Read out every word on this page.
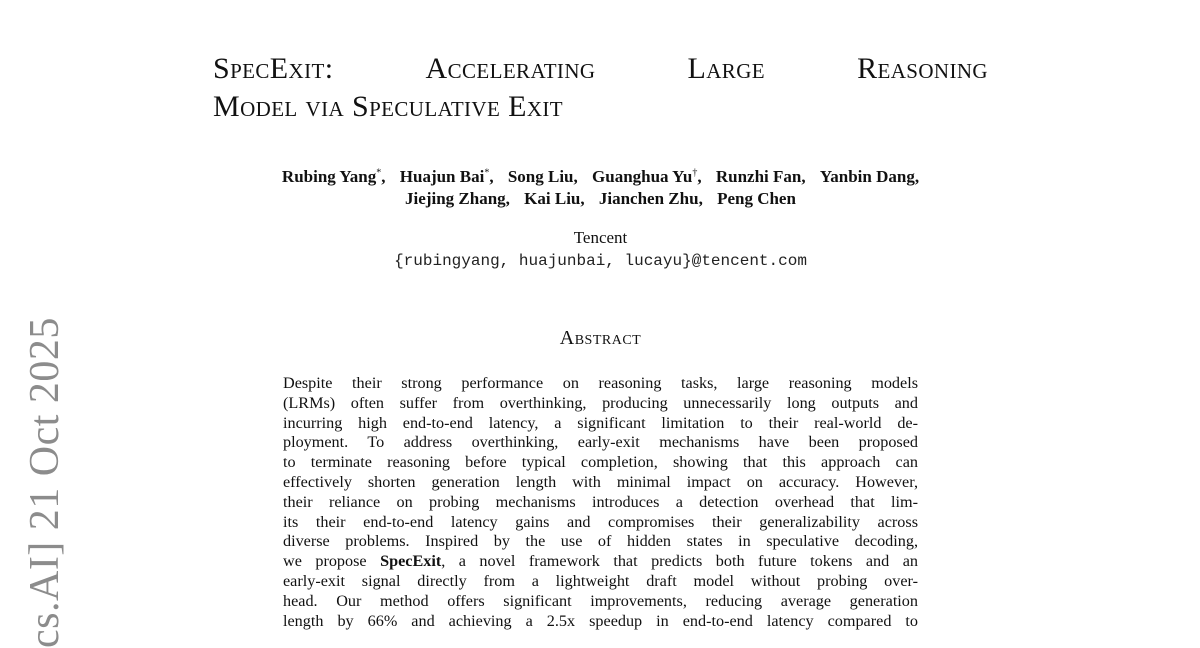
SpecExit:	Accelerating	Large	Reasoning
Model via Speculative Exit
Rubing Yang*, Huajun Bai*, Song Liu, Guanghua Yu†, Runzhi Fan, Yanbin Dang,
Jiejing Zhang, Kai Liu, Jianchen Zhu, Peng Chen
Tencent
{rubingyang, huajunbai, lucayu}@tencent.com
Abstract
Despite their strong performance on reasoning tasks, large reasoning models
(LRMs) often suffer from overthinking, producing unnecessarily long outputs and
incurring high end-to-end latency, a significant limitation to their real-world de-
ployment. To address overthinking, early-exit mechanisms have been proposed
to terminate reasoning before typical completion, showing that this approach can
effectively shorten generation length with minimal impact on accuracy. However,
their reliance on probing mechanisms introduces a detection overhead that lim-
its their end-to-end latency gains and compromises their generalizability across
diverse problems. Inspired by the use of hidden states in speculative decoding,
we propose SpecExit, a novel framework that predicts both future tokens and an
early-exit signal directly from a lightweight draft model without probing over-
head. Our method offers significant improvements, reducing average generation
length by 66% and achieving a 2.5x speedup in end-to-end latency compared to
cs.AI] 21 Oct 2025
